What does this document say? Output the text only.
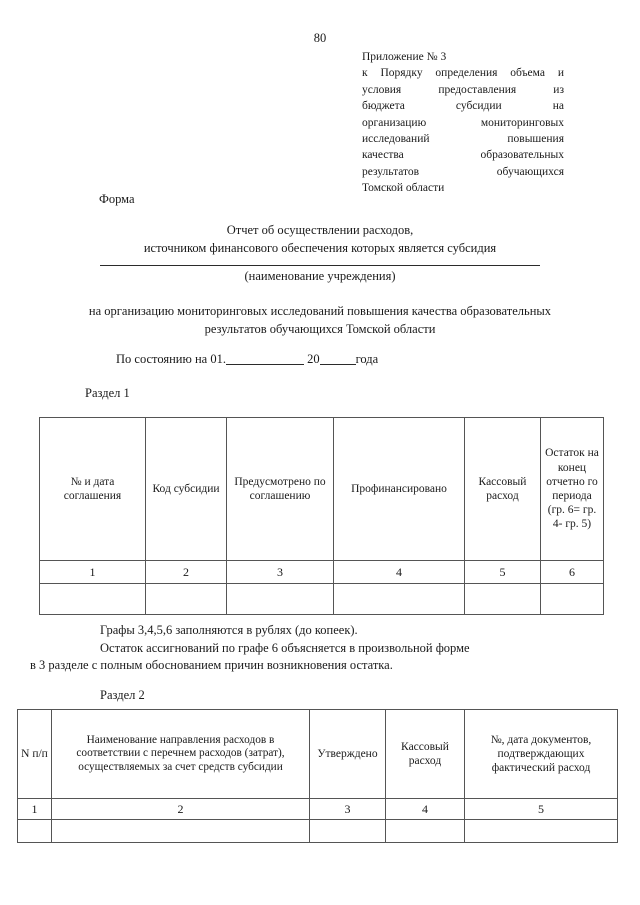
80
Приложение № 3
к Порядку определения объема и
условия предоставления из
бюджета субсидии на
организацию мониторинговых
исследований повышения
качества образовательных
результатов обучающихся
Томской области
Форма
Отчет об осуществлении расходов,
источником финансового обеспечения которых является субсидия
(наименование учреждения)
на организацию мониторинговых исследований повышения качества образовательных
результатов обучающихся Томской области
По состоянию на 01.	20	года
Раздел 1
№ и дата соглашения	Код субсидии	Предусмотрено по соглашению	Профинансировано	Кассовый расход	Остаток на конец отчетно го периода (гр. 6= гр. 4- гр. 5)
1	2	3	4	5	6

Графы 3,4,5,6 заполняются в рублях (до копеек).
Остаток ассигнований по графе 6 объясняется в произвольной форме
в 3 разделе с полным обоснованием причин возникновения остатка.
Раздел 2
N п/п	Наименование направления расходов в соответствии с перечнем расходов (затрат), осуществляемых за счет средств субсидии	Утверждено	Кассовый расход	№, дата документов, подтверждающих фактический расход
1	2	3	4	5
